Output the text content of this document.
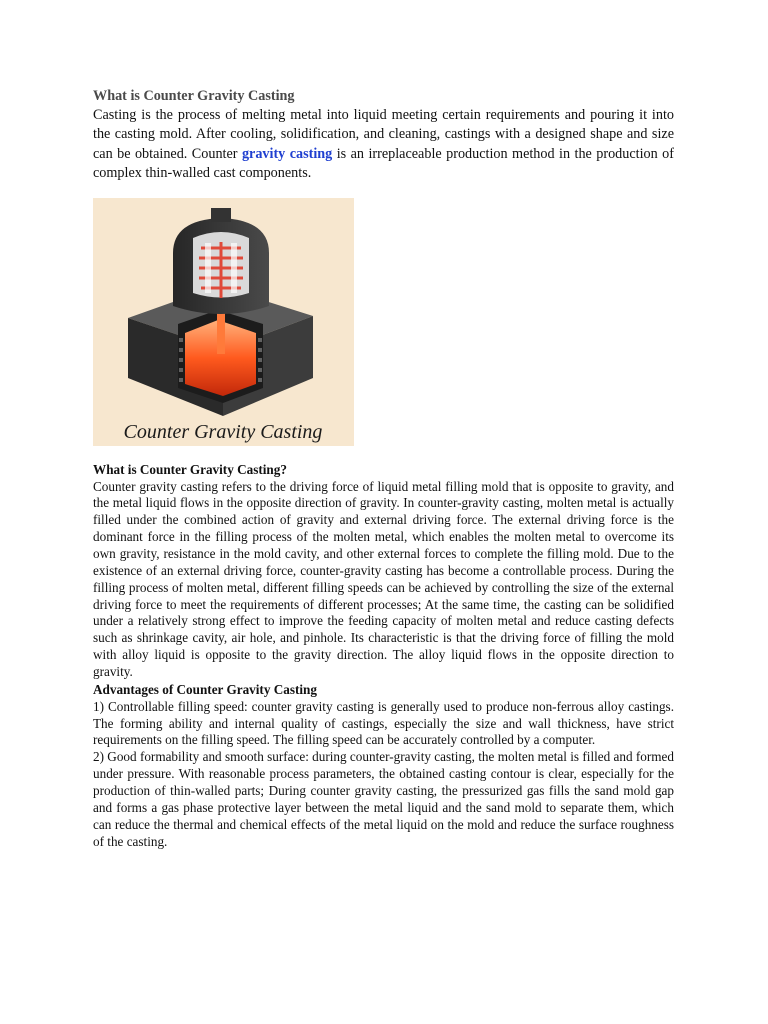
What is Counter Gravity Casting

Casting is the process of melting metal into liquid meeting certain requirements and pouring it into the casting mold. After cooling, solidification, and cleaning, castings with a designed shape and size can be obtained. Counter gravity casting is an irreplaceable production method in the production of complex thin-walled cast components.

Counter Gravity Casting
What is Counter Gravity Casting?

Counter gravity casting refers to the driving force of liquid metal filling mold that is opposite to gravity, and the metal liquid flows in the opposite direction of gravity. In counter-gravity casting, molten metal is actually filled under the combined action of gravity and external driving force. The external driving force is the dominant force in the filling process of the molten metal, which enables the molten metal to overcome its own gravity, resistance in the mold cavity, and other external forces to complete the filling mold. Due to the existence of an external driving force, counter-gravity casting has become a controllable process. During the filling process of molten metal, different filling speeds can be achieved by controlling the size of the external driving force to meet the requirements of different processes; At the same time, the casting can be solidified under a relatively strong effect to improve the feeding capacity of molten metal and reduce casting defects such as shrinkage cavity, air hole, and pinhole. Its characteristic is that the driving force of filling the mold with alloy liquid is opposite to the gravity direction. The alloy liquid flows in the opposite direction to gravity.

Advantages of Counter Gravity Casting

1) Controllable filling speed: counter gravity casting is generally used to produce non-ferrous alloy castings. The forming ability and internal quality of castings, especially the size and wall thickness, have strict requirements on the filling speed. The filling speed can be accurately controlled by a computer.

2) Good formability and smooth surface: during counter-gravity casting, the molten metal is filled and formed under pressure. With reasonable process parameters, the obtained casting contour is clear, especially for the production of thin-walled parts; During counter gravity casting, the pressurized gas fills the sand mold gap and forms a gas phase protective layer between the metal liquid and the sand mold to separate them, which can reduce the thermal and chemical effects of the metal liquid on the mold and reduce the surface roughness of the casting.
